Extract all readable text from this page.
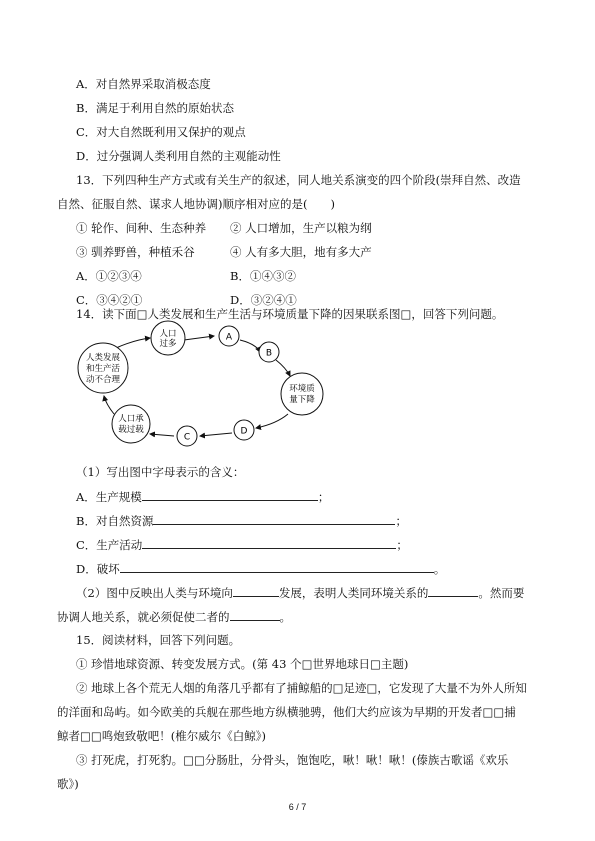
A．对自然界采取消极态度
B．满足于利用自然的原始状态
C．对大自然既利用又保护的观点
D．过分强调人类利用自然的主观能动性
13．下列四种生产方式或有关生产的叙述，同人地关系演变的四个阶段(崇拜自然、改造
自然、征服自然、谋求人地协调)顺序相对应的是(　　)
① 轮作、间种、生态种养 ② 人口增加，生产以粮为纲
③ 驯养野兽，种植禾谷	④ 人有多大胆，地有多大产
A．①②③④	B．①④③②
C．③④②①	D．③②④①
14．读下面□人类发展和生产生活与环境质量下降的因果联系图□，回答下列问题。
人口
过多
A
B
环境质
量下降
D
C
人口承
载过载
人类发展
和生产活
动不合理
（1）写出图中字母表示的含义：
A．生产规模	；
B．对自然资源	；
C．生产活动	；
D．破坏	。
（2）图中反映出人类与环境向	发展，表明人类同环境关系的	。然而要
协调人地关系，就必须促使二者的	。
15．阅读材料，回答下列问题。
① 珍惜地球资源、转变发展方式。(第 43 个□世界地球日□主题)
② 地球上各个荒无人烟的角落几乎都有了捕鲸船的□足迹□，它发现了大量不为外人所知
的洋面和岛屿。如今欧美的兵舰在那些地方纵横驰骋，他们大约应该为早期的开发者□□捕
鲸者□□鸣炮致敬吧！(椎尔威尔《白鲸》)
③ 打死虎，打死豹。□□分肠肚，分骨头，饱饱吃，啾！啾！啾！(傣族古歌谣《欢乐
歌》)
6 / 7
